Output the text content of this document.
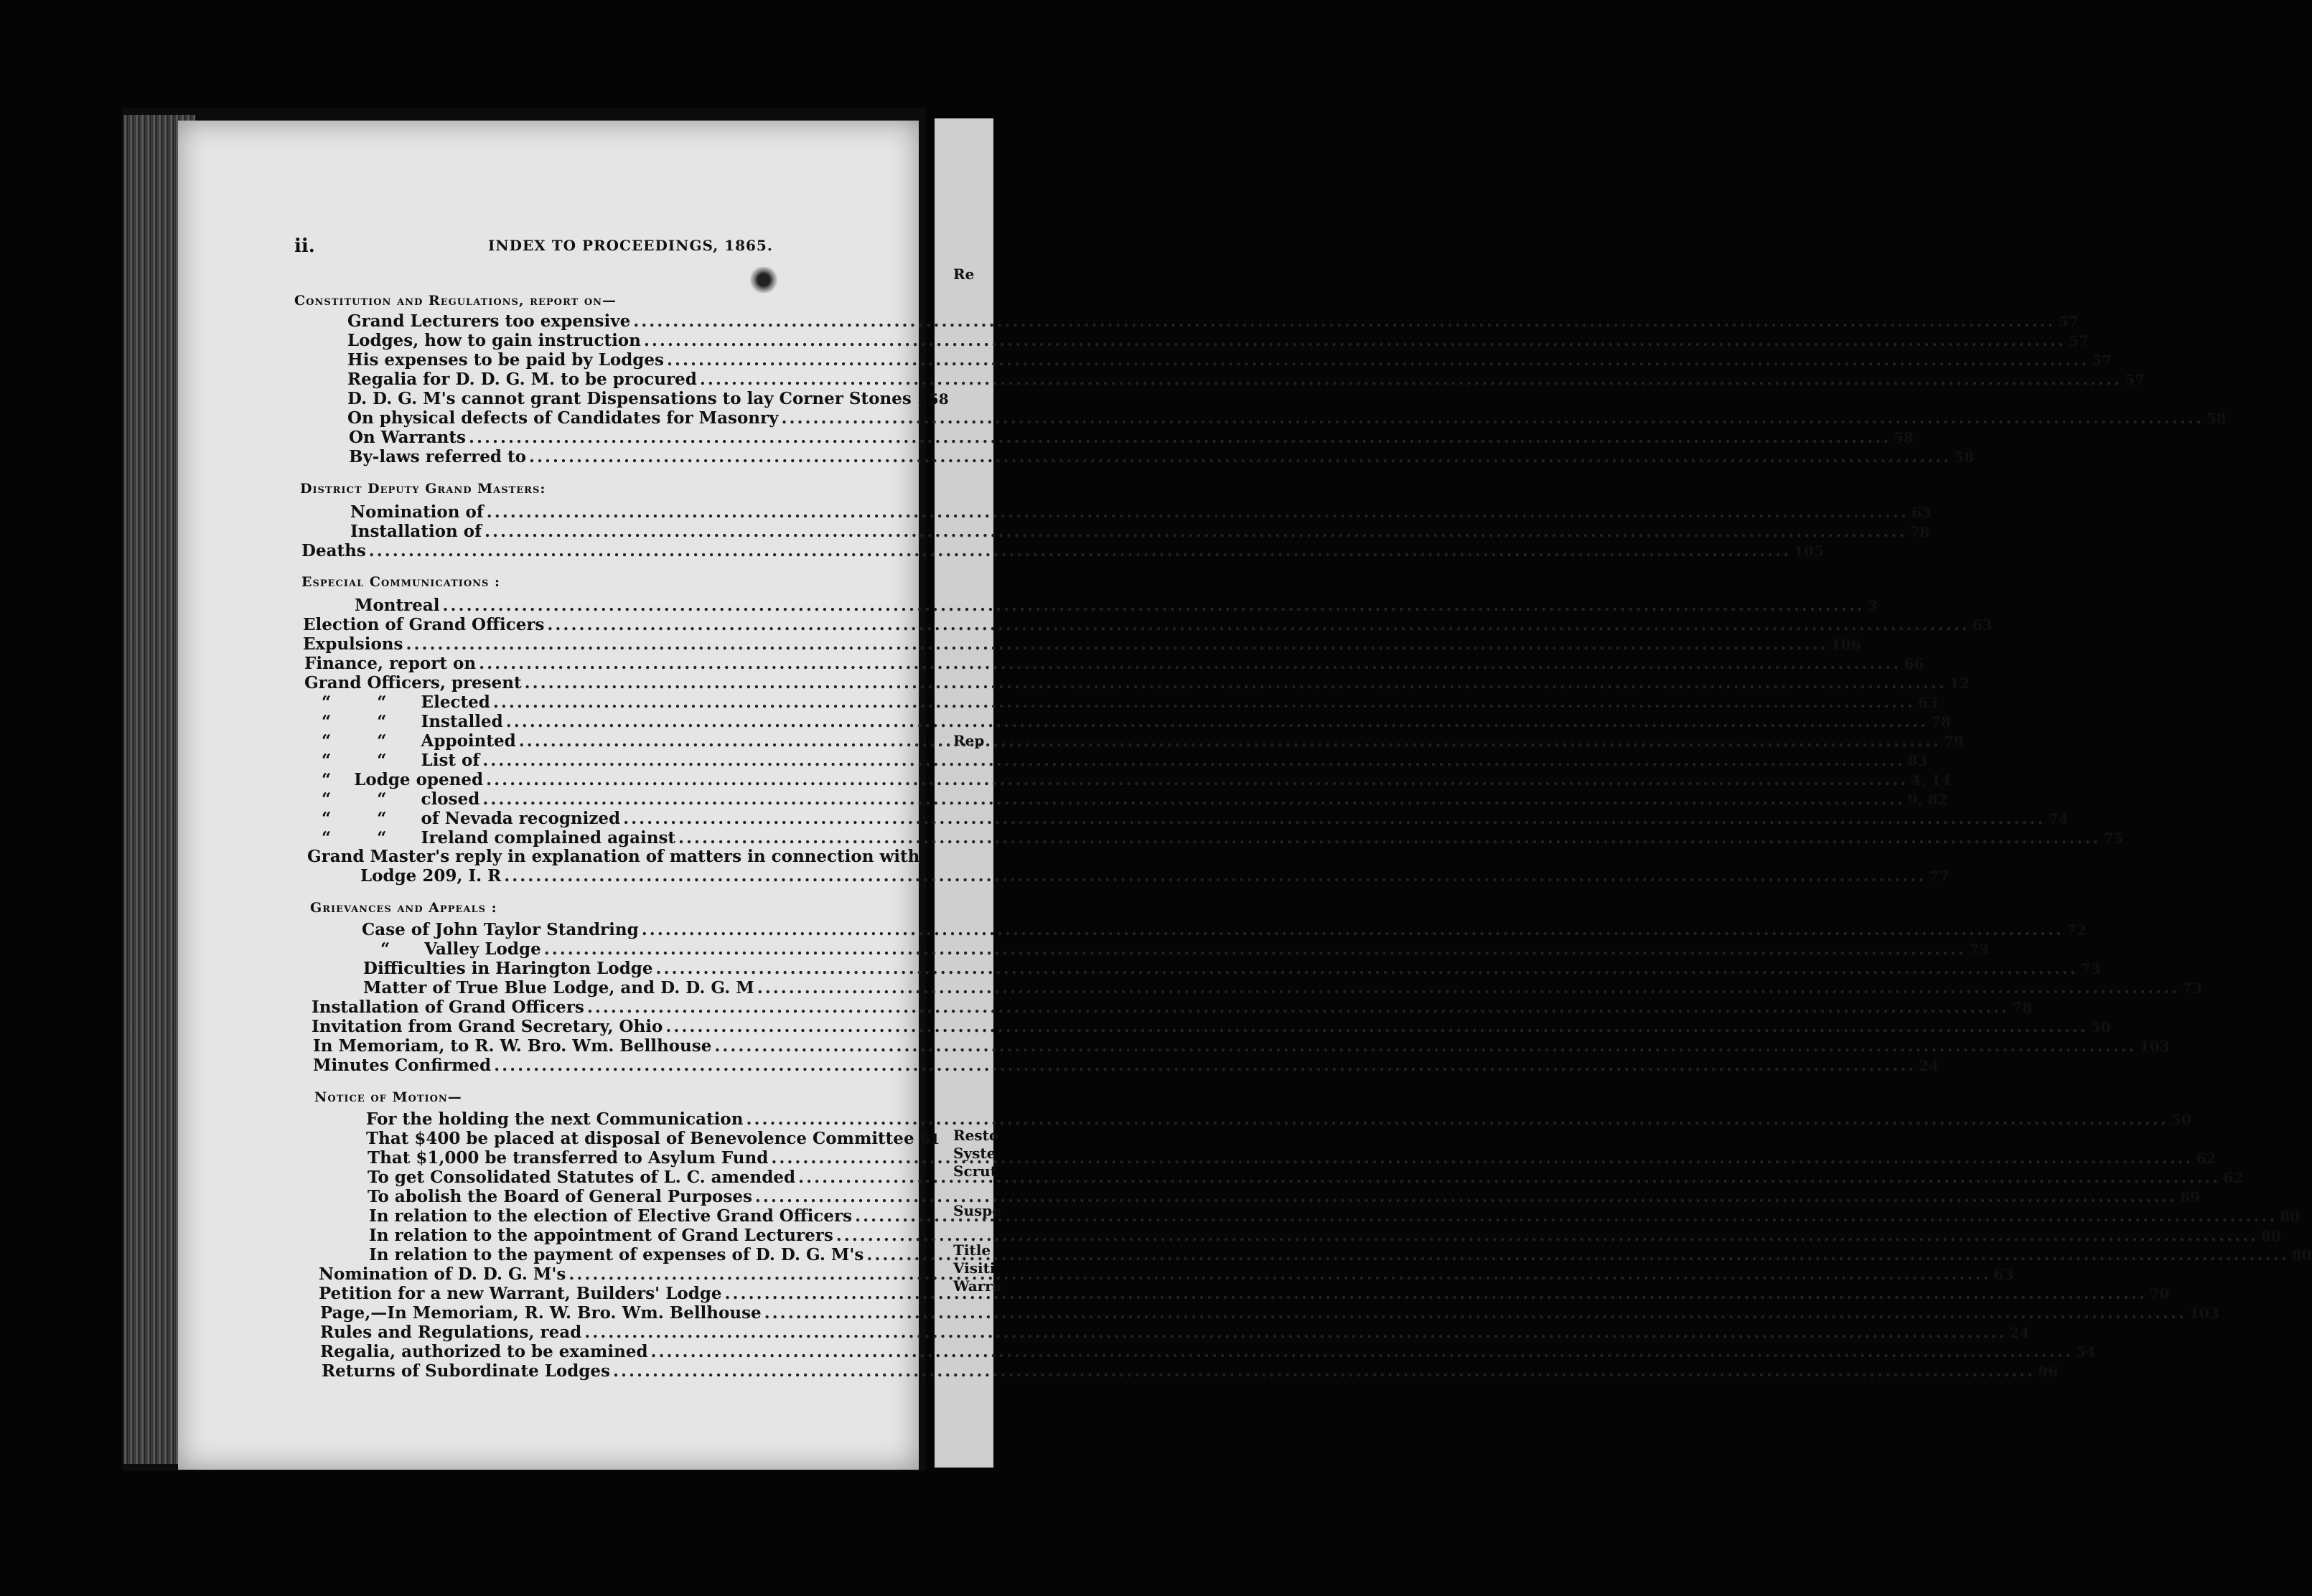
Re
Rep
Resto
Syste
Scrut
Suspe
Title
Visiti
Warra
ii.	INDEX TO PROCEEDINGS, 1865.
Constitution and Regulations, report on—
Grand Lecturers too expensive .....	57
Lodges, how to gain instruction .....	57
His expenses to be paid by Lodges .....	57
Regalia for D. D. G. M. to be procured .....	57
D. D. G. M's cannot grant Dispensations to lay Corner Stones . 58
On physical defects of Candidates for Masonry .....	58
On Warrants .....	58
By-laws referred to .....	58
District Deputy Grand Masters:
Nomination of .....	63
Installation of .....	78
Deaths .....	105
Especial Communications :
Montreal .....	3
Election of Grand Officers .....	63
Expulsions .....	106
Finance, report on .....	66
Grand Officers, present .....	12
“        “      Elected .....	63
“        “      Installed .....	78
“        “      Appointed .....	79
“        “      List of .....	83
“    Lodge opened .....	4, 14
“        “      closed .....	9, 82
“        “      of Nevada recognized .....	74
“        “      Ireland complained against .....	75
Grand Master's reply in explanation of matters in connection with
Lodge 209, I. R .....	77
Grievances and Appeals :
Case of John Taylor Standring .....	72
“      Valley Lodge .....	73
Difficulties in Harington Lodge .....	73
Matter of True Blue Lodge, and D. D. G. M .....	73
Installation of Grand Officers .....	78
Invitation from Grand Secretary, Ohio .....	50
In Memoriam, to R. W. Bro. Wm. Bellhouse .....	103
Minutes Confirmed .....	24
Notice of Motion—
For the holding the next Communication .....	50
That $400 be placed at disposal of Benevolence Committee 61
That $1,000 be transferred to Asylum Fund .....	62
To get Consolidated Statutes of L. C. amended .....	62
To abolish the Board of General Purposes .....	69
In relation to the election of Elective Grand Officers .....	80
In relation to the appointment of Grand Lecturers .....	80
In relation to the payment of expenses of D. D. G. M's .....	80
Nomination of D. D. G. M's .....	63
Petition for a new Warrant, Builders' Lodge .....	70
Page,—In Memoriam, R. W. Bro. Wm. Bellhouse .....	103
Rules and Regulations, read .....	24
Regalia, authorized to be examined .....	54
Returns of Subordinate Lodges .....	96
